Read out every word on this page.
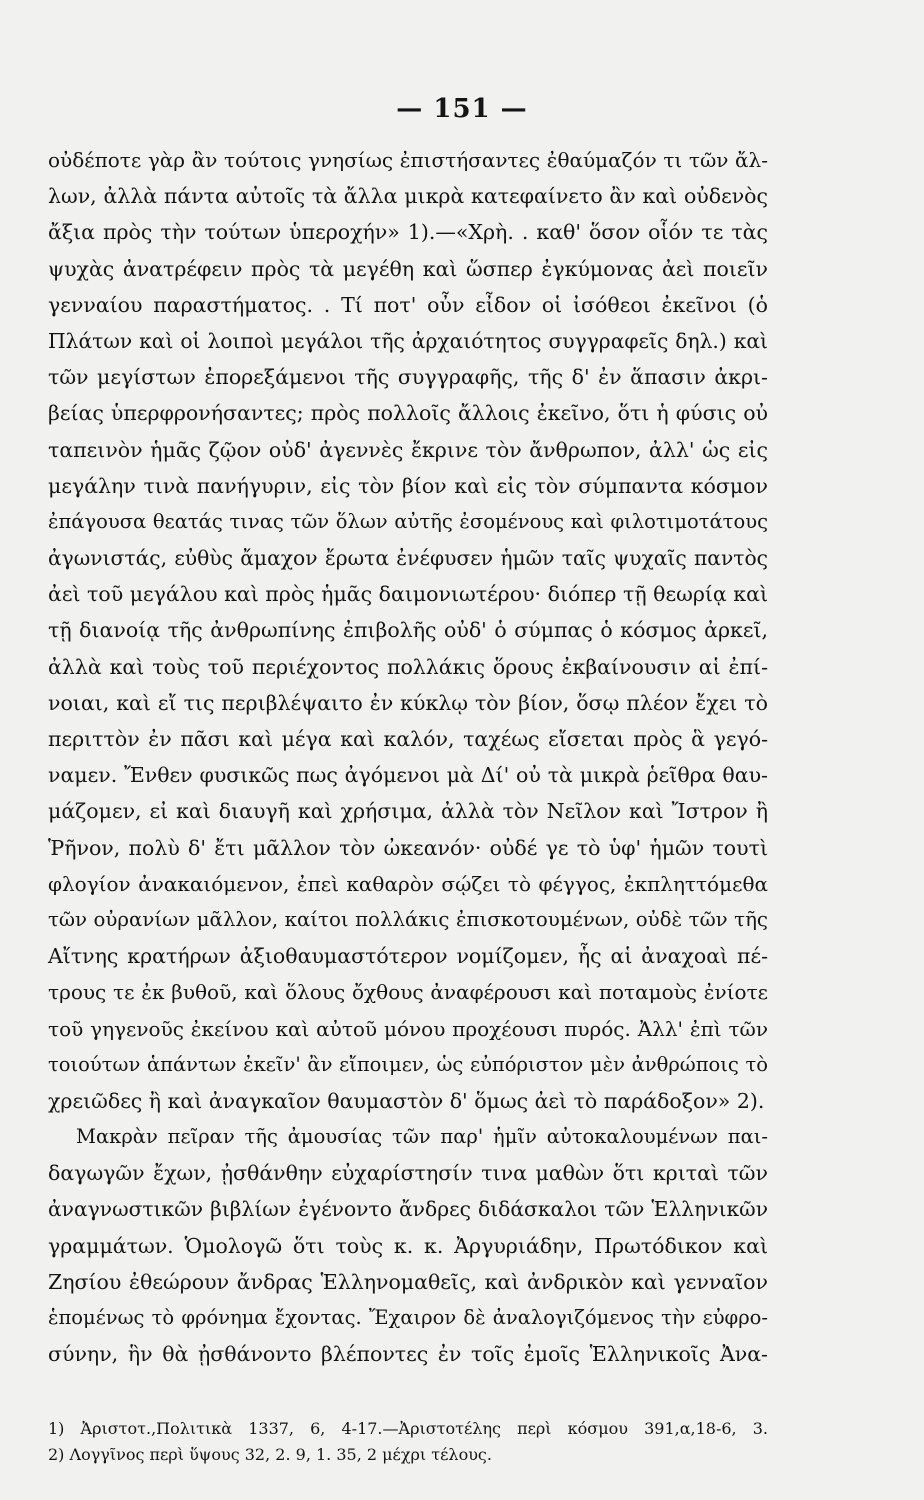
— 151 —
οὐδέποτε γὰρ ἂν τούτοις γνησίως ἐπιστήσαντες ἐθαύμαζόν τι τῶν ἄλ-
λων, ἀλλὰ πάντα αὐτοῖς τὰ ἄλλα μικρὰ κατεφαίνετο ἂν καὶ οὐδενὸς
ἄξια πρὸς τὴν τούτων ὑπεροχήν» 1).—«Χρὴ. . καθ' ὅσον οἷόν τε τὰς
ψυχὰς ἀνατρέφειν πρὸς τὰ μεγέθη καὶ ὥσπερ ἐγκύμονας ἀεὶ ποιεῖν
γενναίου παραστήματος. . Τί ποτ' οὖν εἶδον οἱ ἰσόθεοι ἐκεῖνοι (ὁ
Πλάτων καὶ οἱ λοιποὶ μεγάλοι τῆς ἀρχαιότητος συγγραφεῖς δηλ.) καὶ
τῶν μεγίστων ἐπορεξάμενοι τῆς συγγραφῆς, τῆς δ' ἐν ἅπασιν ἀκρι-
βείας ὑπερφρονήσαντες; πρὸς πολλοῖς ἄλλοις ἐκεῖνο, ὅτι ἡ φύσις οὐ
ταπεινὸν ἡμᾶς ζῷον οὐδ' ἀγεννὲς ἔκρινε τὸν ἄνθρωπον, ἀλλ' ὡς εἰς
μεγάλην τινὰ πανήγυριν, εἰς τὸν βίον καὶ εἰς τὸν σύμπαντα κόσμον
ἐπάγουσα θεατάς τινας τῶν ὅλων αὐτῆς ἐσομένους καὶ φιλοτιμοτάτους
ἀγωνιστάς, εὐθὺς ἄμαχον ἔρωτα ἐνέφυσεν ἡμῶν ταῖς ψυχαῖς παντὸς
ἀεὶ τοῦ μεγάλου καὶ πρὸς ἡμᾶς δαιμονιωτέρου· διόπερ τῇ θεωρίᾳ καὶ
τῇ διανοίᾳ τῆς ἀνθρωπίνης ἐπιβολῆς οὐδ' ὁ σύμπας ὁ κόσμος ἀρκεῖ,
ἀλλὰ καὶ τοὺς τοῦ περιέχοντος πολλάκις ὅρους ἐκβαίνουσιν αἱ ἐπί-
νοιαι, καὶ εἴ τις περιβλέψαιτο ἐν κύκλῳ τὸν βίον, ὅσῳ πλέον ἔχει τὸ
περιττὸν ἐν πᾶσι καὶ μέγα καὶ καλόν, ταχέως εἴσεται πρὸς ἃ γεγό-
ναμεν. Ἔνθεν φυσικῶς πως ἀγόμενοι μὰ Δί' οὐ τὰ μικρὰ ῥεῖθρα θαυ-
μάζομεν, εἰ καὶ διαυγῆ καὶ χρήσιμα, ἀλλὰ τὸν Νεῖλον καὶ Ἴστρον ἢ
Ῥῆνον, πολὺ δ' ἔτι μᾶλλον τὸν ὠκεανόν· οὐδέ γε τὸ ὑφ' ἡμῶν τουτὶ
φλογίον ἀνακαιόμενον, ἐπεὶ καθαρὸν σῴζει τὸ φέγγος, ἐκπληττόμεθα
τῶν οὐρανίων μᾶλλον, καίτοι πολλάκις ἐπισκοτουμένων, οὐδὲ τῶν τῆς
Αἴτνης κρατήρων ἀξιοθαυμαστότερον νομίζομεν, ἧς αἱ ἀναχοαὶ πέ-
τρους τε ἐκ βυθοῦ, καὶ ὅλους ὄχθους ἀναφέρουσι καὶ ποταμοὺς ἐνίοτε
τοῦ γηγενοῦς ἐκείνου καὶ αὐτοῦ μόνου προχέουσι πυρός. Ἀλλ' ἐπὶ τῶν
τοιούτων ἁπάντων ἐκεῖν' ἂν εἴποιμεν, ὡς εὐπόριστον μὲν ἀνθρώποις τὸ
χρειῶδες ἢ καὶ ἀναγκαῖον θαυμαστὸν δ' ὅμως ἀεὶ τὸ παράδοξον» 2).
Μακρὰν πεῖραν τῆς ἀμουσίας τῶν παρ' ἡμῖν αὐτοκαλουμένων παι-
δαγωγῶν ἔχων, ᾐσθάνθην εὐχαρίστησίν τινα μαθὼν ὅτι κριταὶ τῶν
ἀναγνωστικῶν βιβλίων ἐγένοντο ἄνδρες διδάσκαλοι τῶν Ἑλληνικῶν
γραμμάτων. Ὁμολογῶ ὅτι τοὺς κ. κ. Ἀργυριάδην, Πρωτόδικον καὶ
Ζησίου ἐθεώρουν ἄνδρας Ἑλληνομαθεῖς, καὶ ἀνδρικὸν καὶ γενναῖον
ἑπομένως τὸ φρόνημα ἔχοντας. Ἔχαιρον δὲ ἀναλογιζόμενος τὴν εὐφρο-
σύνην, ἣν θὰ ᾐσθάνοντο βλέποντες ἐν τοῖς ἐμοῖς Ἑλληνικοῖς Ἀνα-
1) Ἀριστοτ.,Πολιτικὰ 1337, 6, 4-17.—Ἀριστοτέλης περὶ κόσμου 391,α,18-6, 3.
2) Λογγῖνος περὶ ὕψους 32, 2. 9, 1. 35, 2 μέχρι τέλους.
